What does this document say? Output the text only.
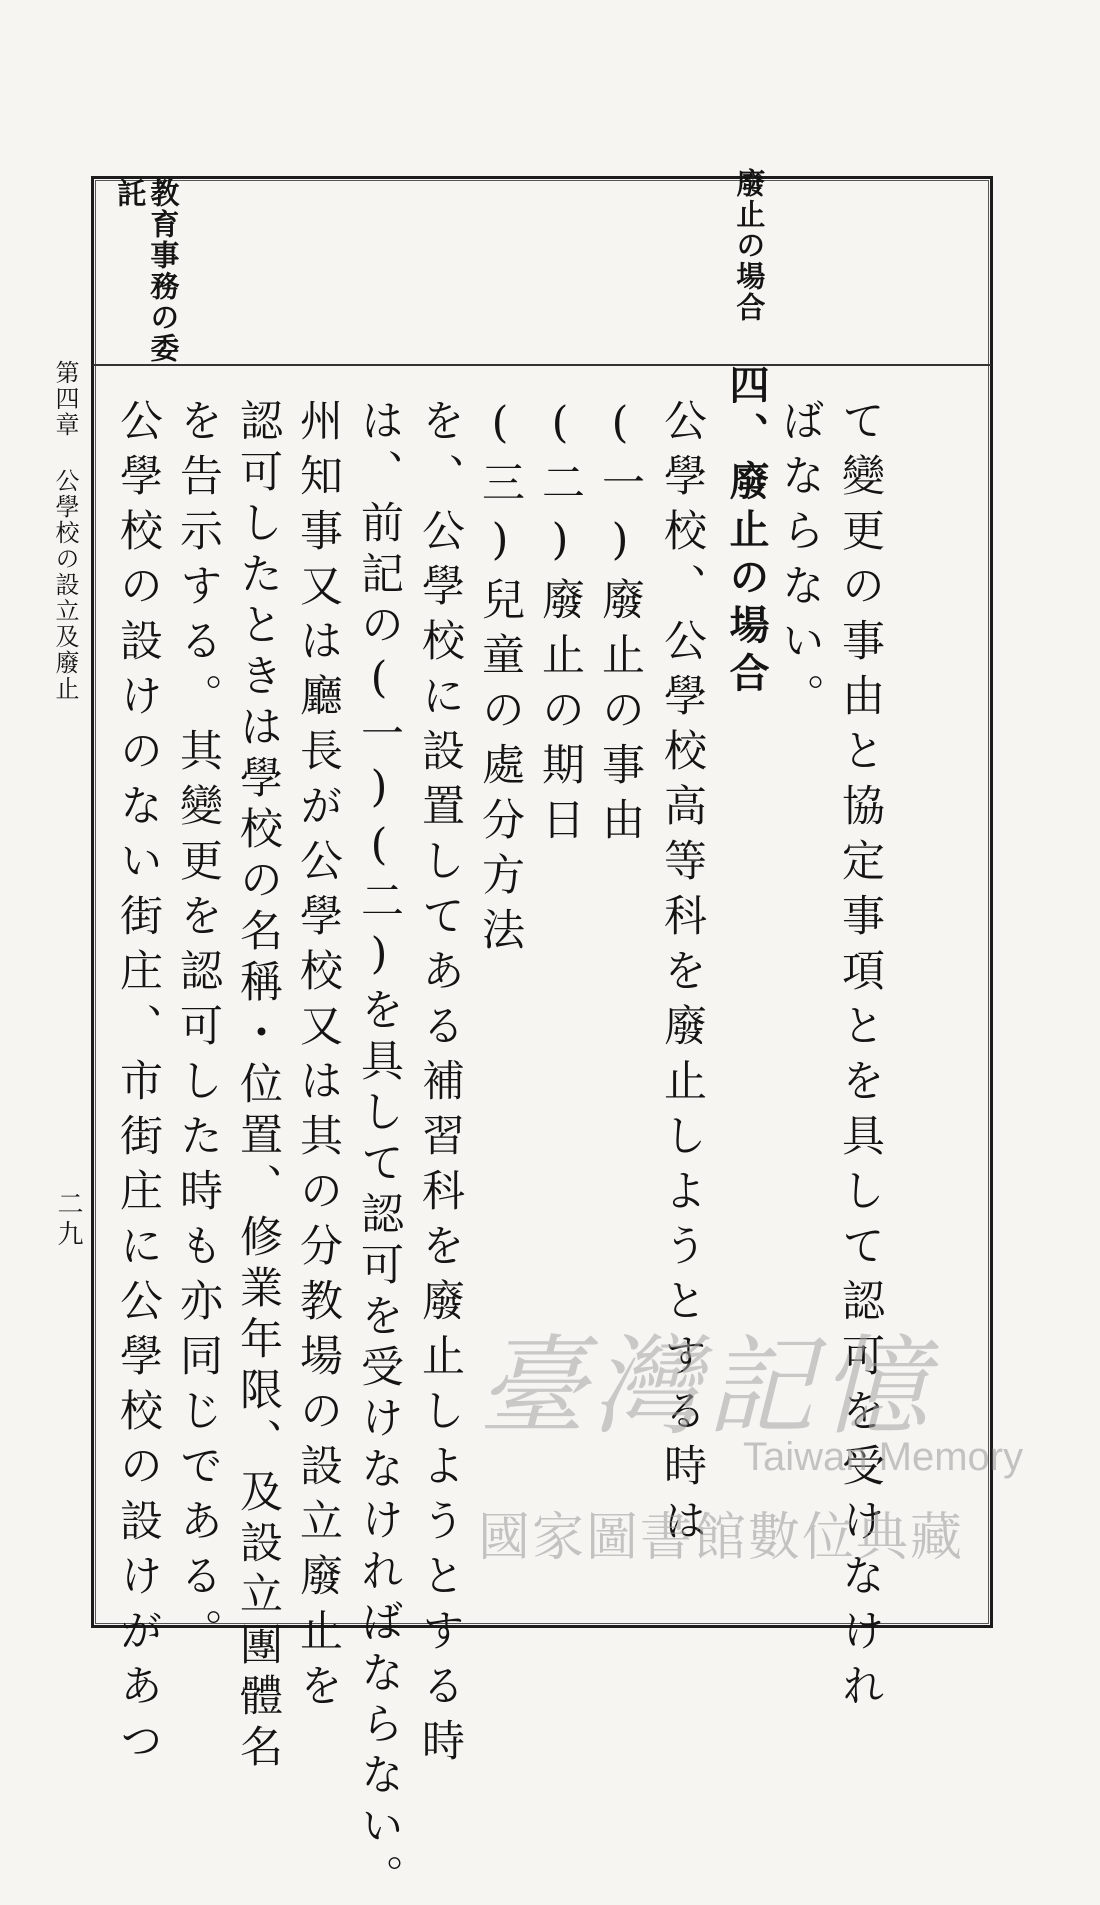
託 教育事務の委	廢止の場合
て變更の事由と協定事項とを具して認可を受けなけれ
ばならない。
四、廢止の場合
公學校、公學校高等科を廢止しようとする時は
(一)廢止の事由
(二)廢止の期日
(三)兒童の處分方法
を、公學校に設置してある補習科を廢止しようとする時
は、前記の(一)(二)を具して認可を受けなければならない。
州知事又は廳長が公學校又は其の分教場の設立廢止を
認可したときは學校の名稱・位置、修業年限、及設立團體名
を告示する。其變更を認可した時も亦同じである。
公學校の設けのない街庄、市街庄に公學校の設けがあつ
第四章 公學校の設立及廢止
二九
臺灣記憶
Taiwan Memory
國家圖書館數位典藏
